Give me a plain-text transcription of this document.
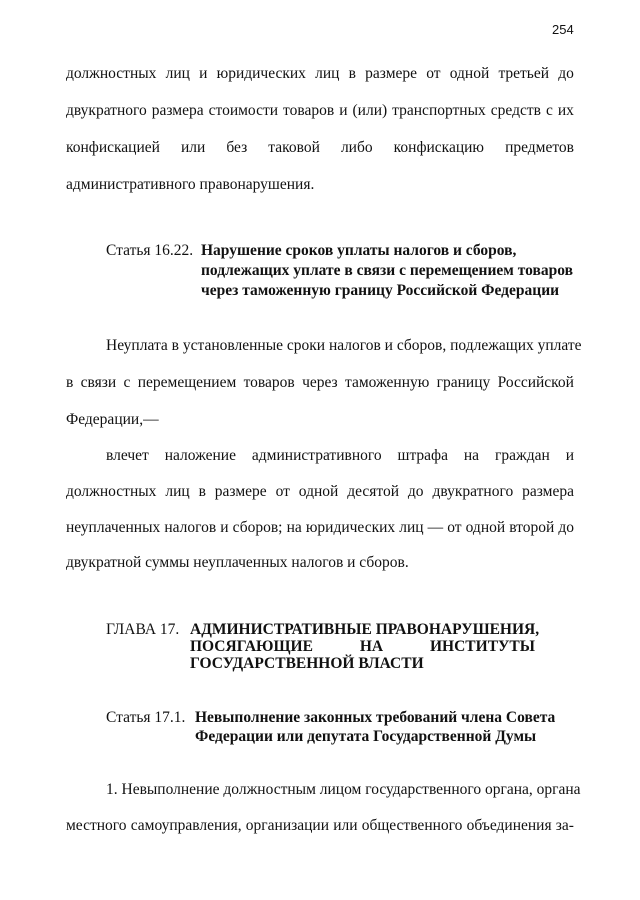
254
должностных лиц и юридических лиц в размере от одной третьей до
двукратного размера стоимости товаров и (или) транспортных средств с их
конфискацией или без таковой либо конфискацию предметов
административного правонарушения.
Статья 16.22. Нарушение сроков уплаты налогов и сборов,
подлежащих уплате в связи с перемещением товаров
через таможенную границу Российской Федерации
Неуплата в установленные сроки налогов и сборов, подлежащих уплате
в связи с перемещением товаров через таможенную границу Российской
Федерации,—
влечет наложение административного штрафа на граждан и
должностных лиц в размере от одной десятой до двукратного размера
неуплаченных налогов и сборов; на юридических лиц — от одной второй до
двукратной суммы неуплаченных налогов и сборов.
ГЛАВА 17. АДМИНИСТРАТИВНЫЕ ПРАВОНАРУШЕНИЯ,
ПОСЯГАЮЩИЕ	НА	ИНСТИТУТЫ
ГОСУДАРСТВЕННОЙ ВЛАСТИ
Статья 17.1. Невыполнение законных требований члена Совета
Федерации или депутата Государственной Думы
1. Невыполнение должностным лицом государственного органа, органа
местного самоуправления, организации или общественного объединения за-
